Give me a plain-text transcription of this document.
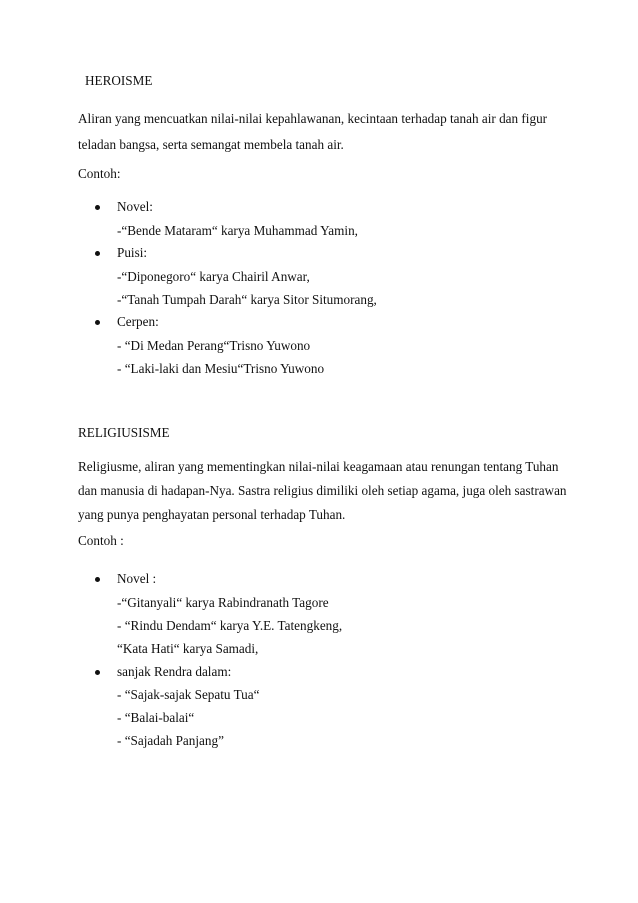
HEROISME
Aliran yang mencuatkan nilai-nilai kepahlawanan, kecintaan terhadap tanah air dan figur
teladan bangsa, serta semangat membela tanah air.
Contoh:
Novel:
-“Bende Mataram“ karya Muhammad Yamin,
Puisi:
-“Diponegoro“ karya Chairil Anwar,
-“Tanah Tumpah Darah“ karya Sitor Situmorang,
Cerpen:
- “Di Medan Perang“Trisno Yuwono
- “Laki-laki dan Mesiu“Trisno Yuwono
RELIGIUSISME
Religiusme, aliran yang mementingkan nilai-nilai keagamaan atau renungan tentang Tuhan
dan manusia di hadapan-Nya. Sastra religius dimiliki oleh setiap agama, juga oleh sastrawan
yang punya penghayatan personal terhadap Tuhan.
Contoh :
Novel :
-“Gitanyali“ karya Rabindranath Tagore
- “Rindu Dendam“ karya Y.E. Tatengkeng,
“Kata Hati“ karya Samadi,
sanjak Rendra dalam:
- “Sajak-sajak Sepatu Tua“
- “Balai-balai“
- “Sajadah Panjang”
